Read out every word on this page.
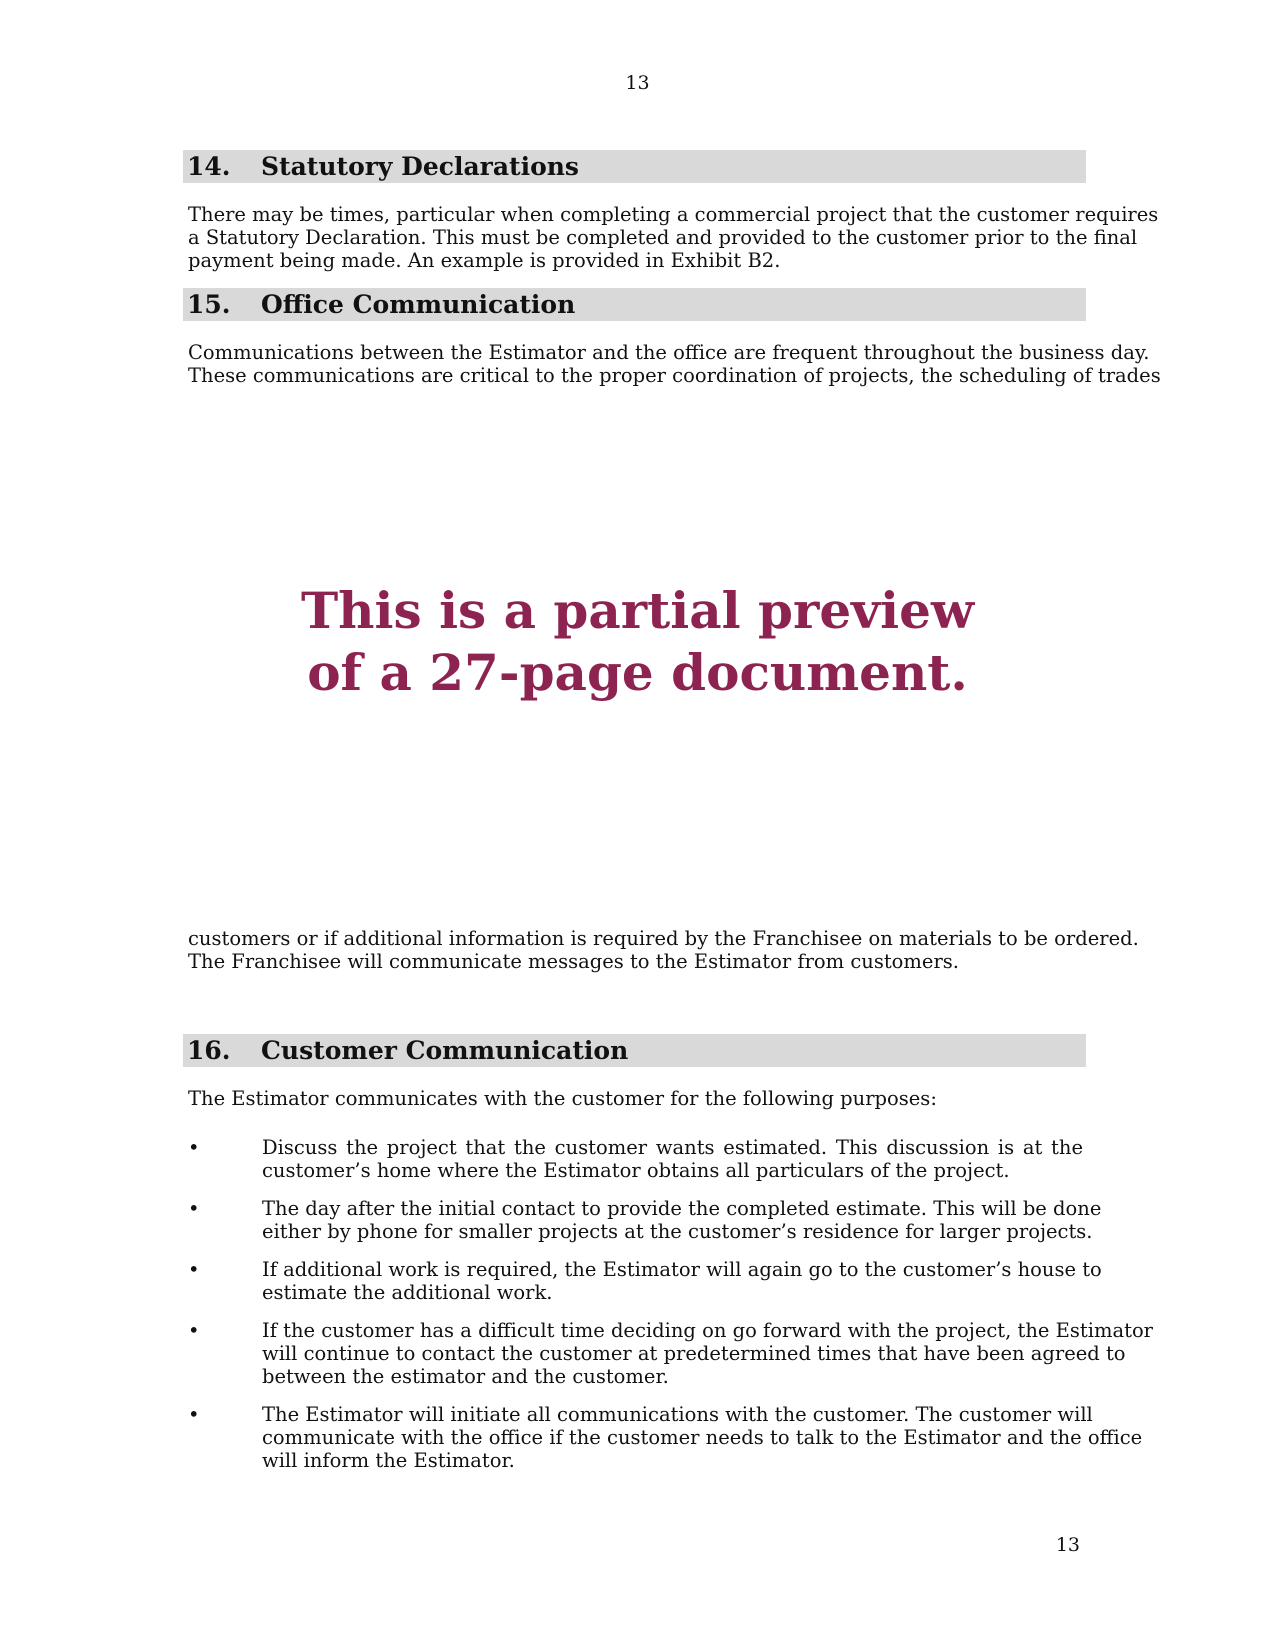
13
14. Statutory Declarations
There may be times, particular when completing a commercial project that the customer requires
a Statutory Declaration. This must be completed and provided to the customer prior to the final
payment being made. An example is provided in Exhibit B2.
15. Office Communication
Communications between the Estimator and the office are frequent throughout the business day.
These communications are critical to the proper coordination of projects, the scheduling of trades
This is a partial preview
of a 27-page document.
customers or if additional information is required by the Franchisee on materials to be ordered.
The Franchisee will communicate messages to the Estimator from customers.
16. Customer Communication
The Estimator communicates with the customer for the following purposes:
•	Discuss the project that the customer wants estimated. This discussion is at the
customer’s home where the Estimator obtains all particulars of the project.
•	The day after the initial contact to provide the completed estimate. This will be done
either by phone for smaller projects at the customer’s residence for larger projects.
•	If additional work is required, the Estimator will again go to the customer’s house to
estimate the additional work.
•	If the customer has a difficult time deciding on go forward with the project, the Estimator
will continue to contact the customer at predetermined times that have been agreed to
between the estimator and the customer.
•	The Estimator will initiate all communications with the customer. The customer will
communicate with the office if the customer needs to talk to the Estimator and the office
will inform the Estimator.
13
